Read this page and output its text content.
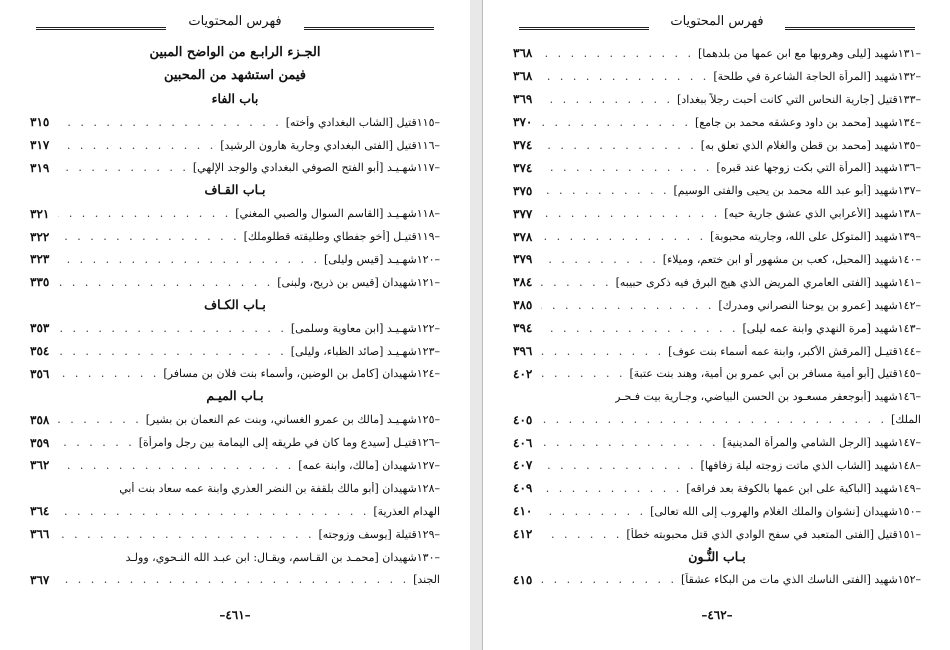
فهرس المحتويات
الجـزء الرابـع من الواضح المبين
فيمن استشهد من المحبين
باب الفاء
–١١٥قتيل [الشاب البغدادي وأخته]
. . .
٣١٥
–١١٦قتيل [الفتى البغدادي وجارية هارون الرشيد]
. . .
٣١٧
–١١٧شهـيـد [أبو الفتح الصوفي البغدادي والوجد الإلهي]
. . .
٣١٩
بـاب القـاف
–١١٨شهـيـد [القاسم السوال والصبي المغني]
. . .
٣٢١
–١١٩قتيـل [أخو جفطاي وطليقته قطلوملك]
. . .
٣٢٢
–١٢٠شهـيـد [قيس وليلى]
. . .
٣٢٣
–١٢١شهيدان [قيس بن ذريح، ولبنى]
. . .
٣٣٥
بـاب الكـاف
–١٢٢شهـيـد [ابن معاوية وسلمى]
. . .
٣٥٣
–١٢٣شهـيـد [صائد الظباء، وليلى]
. . .
٣٥٤
–١٢٤شهيدان [كامل بن الوضين، وأسماء بنت فلان بن مسافر]
. . .
٣٥٦
بـاب الميـم
–١٢٥شهـيـد [مالك بن عمرو الغساني، وبنت عم النعمان بن بشير]
. . .
٣٥٨
–١٢٦قتيـل [سيدع وما كان في طريقه إلى اليمامة بين رجل وامرأة]
. . .
٣٥٩
–١٢٧شهيدان [مالك، وابنة عمه]
. . .
٣٦٢
–١٢٨شهيدان [أبو مالك بلقفة بن النضر العذري وابنة عمه سعاد بنت أبي
الهدام العذرية]
. . .
٣٦٤
–١٢٩قتيلة [يوسف وزوجته]
. . .
٣٦٦
–١٣٠شهيدان [محمـد بن القـاسم، ويقـال: ابن عبـد الله النـحوي، وولـد
الجند]
. . .
٣٦٧
–٤٦١–
فهرس المحتويات
–١٣١شهيد [ليلى وهروبها مع ابن عمها من بلدهما]
. . .
٣٦٨
–١٣٢شهيد [المرأة الحاجة الشاعرة في طلحة]
. . .
٣٦٨
–١٣٣قتيل [جارية النحاس التي كانت أحبت رجلاً ببغداد]
. . .
٣٦٩
–١٣٤شهيد [محمد بن داود وعشقه محمد بن جامع]
. . .
٣٧٠
–١٣٥شهيد [محمد بن قطن والغلام الذي تعلق به]
. . .
٣٧٤
–١٣٦شهيد [المرأة التي بكت زوجها عند قبره]
. . .
٣٧٤
–١٣٧شهيد [أبو عبد الله محمد بن يحيى والفتى الوسيم]
. . .
٣٧٥
–١٣٨شهيد [الأعرابي الذي عشق جارية حيه]
. . .
٣٧٧
–١٣٩شهيد [المتوكل على الله، وجاريته محبوبة]
. . .
٣٧٨
–١٤٠شهيد [المحبل، كعب بن مشهور أو ابن ختعم، وميلاء]
. . .
٣٧٩
–١٤١شهيد [الفتى العامري المريض الذي هيج البرق فيه ذكرى حبيبه]
. . .
٣٨٤
–١٤٢شهيد [عمرو بن يوحنا النصراني ومدرك]
. . .
٣٨٥
–١٤٣شهيد [مرة النهدي وابنة عمه ليلى]
. . .
٣٩٤
–١٤٤قتيـل [المرقش الأكبر، وابنة عمه أسماء بنت عوف]
. . .
٣٩٦
–١٤٥قتيل [أبو أمية مسافر بن أبي عمرو بن أمية، وهند بنت عتبة]
. . .
٤٠٢
–١٤٦شهيد [أبوجعفر مسعـود بن الحسن البياضي، وجـارية بيت فـحـر
الملك]
. . .
٤٠٥
–١٤٧شهيد [الرجل الشامي والمرأة المدينية]
. . .
٤٠٦
–١٤٨شهيد [الشاب الذي ماتت زوجته ليلة زفافها]
. . .
٤٠٧
–١٤٩شهيد [الباكية على ابن عمها بالكوفة بعد فراقه]
. . .
٤٠٩
–١٥٠شهيدان [نشوان والملك الغلام والهروب إلى الله تعالى]
. . .
٤١٠
–١٥١قتيل [الفتى المتعبد في سفح الوادي الذي قتل محبوبته خطأ]
. . .
٤١٢
بـاب النُّـون
–١٥٢شهيد [الفتى الناسك الذي مات من البكاء عشقاً]
. . .
٤١٥
–٤٦٢–
